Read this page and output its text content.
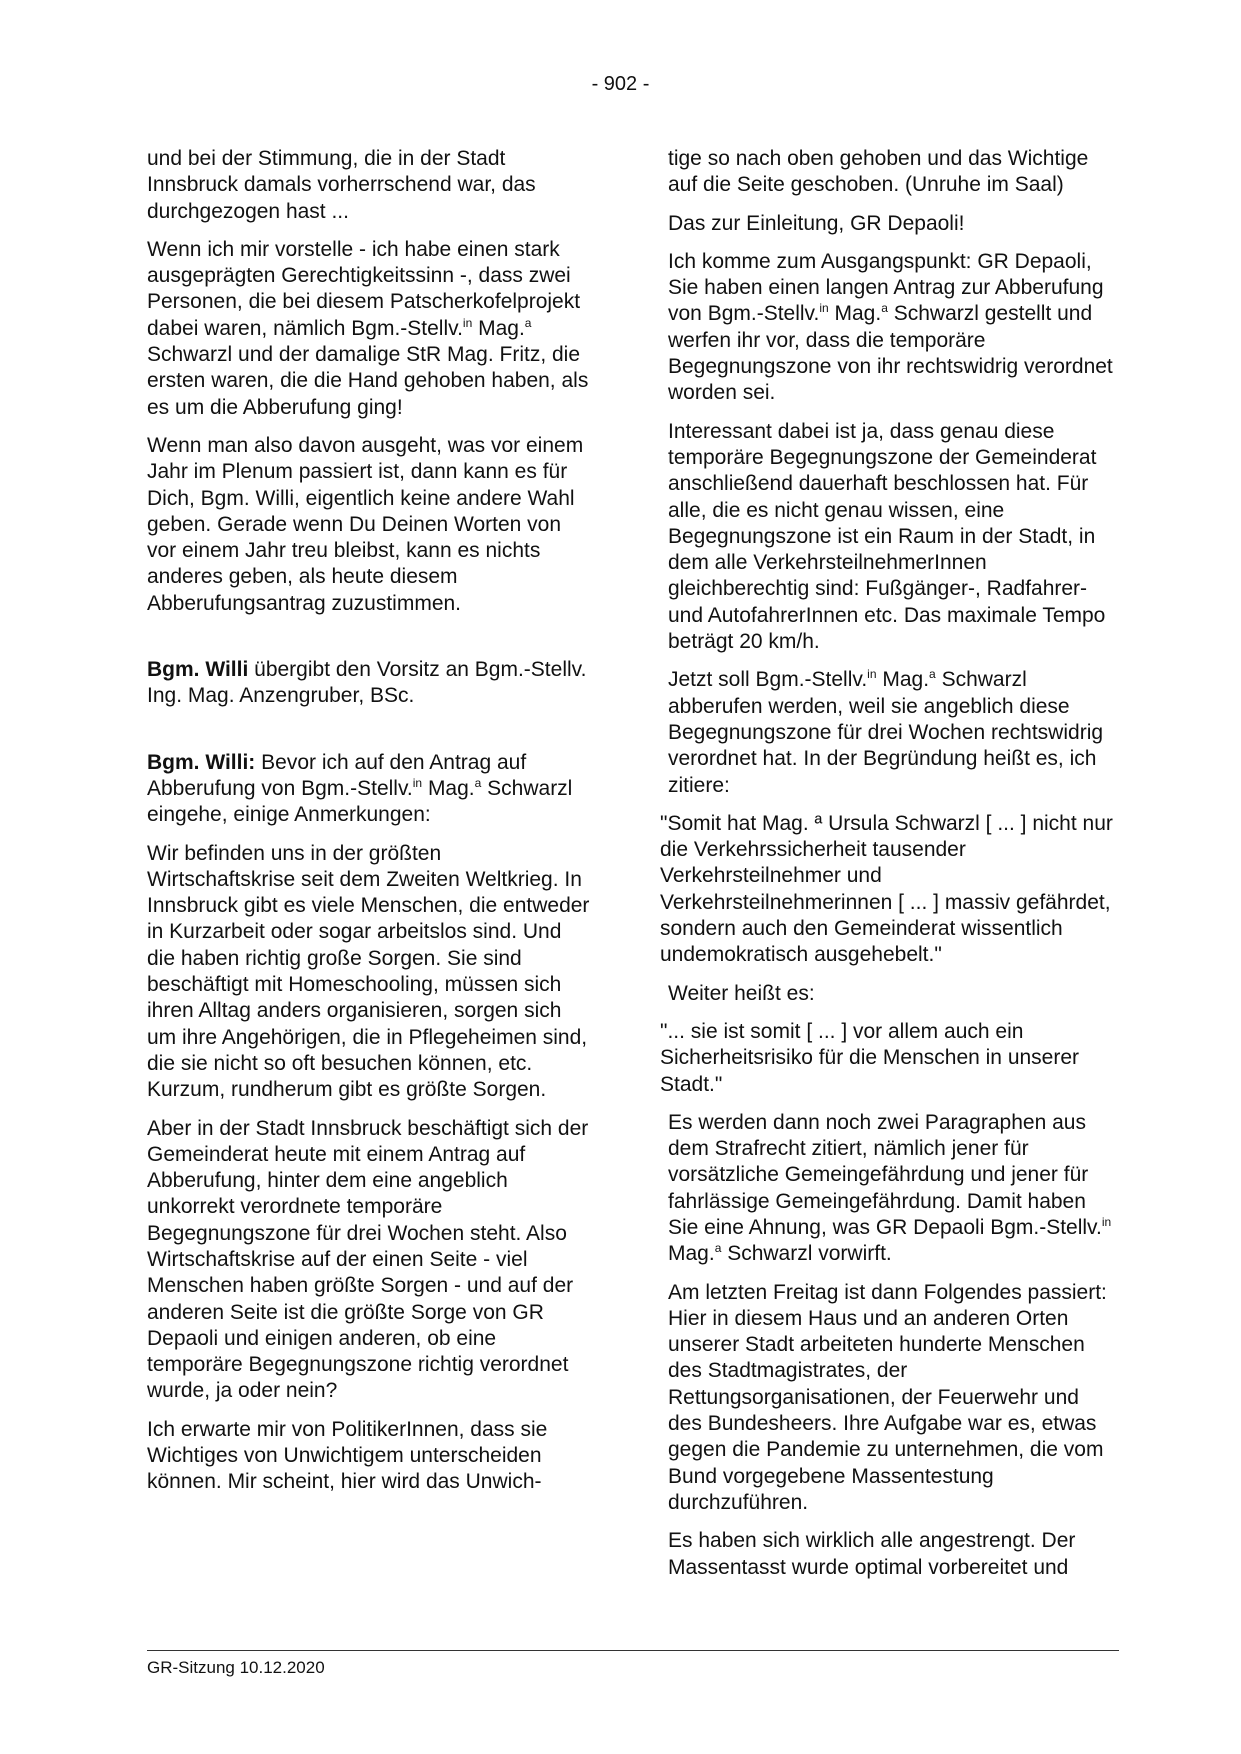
- 902 -

und bei der Stimmung, die in der Stadt Innsbruck damals vorherrschend war, das durchgezogen hast ...

Wenn ich mir vorstelle - ich habe einen stark ausgeprägten Gerechtigkeitssinn -, dass zwei Personen, die bei diesem Patscherkofelprojekt dabei waren, nämlich Bgm.-Stellv.$^{in}$ Mag.$^a$ Schwarzl und der damalige StR Mag. Fritz, die ersten waren, die die Hand gehoben haben, als es um die Abberufung ging!

Wenn man also davon ausgeht, was vor einem Jahr im Plenum passiert ist, dann kann es für Dich, Bgm. Willi, eigentlich keine andere Wahl geben. Gerade wenn Du Deinen Worten von vor einem Jahr treu bleibst, kann es nichts anderes geben, als heute diesem Abberufungsantrag zuzustimmen.

Bgm. Willi übergibt den Vorsitz an Bgm.-Stellv. Ing. Mag. Anzengruber, BSc.

Bgm. Willi: Bevor ich auf den Antrag auf Abberufung von Bgm.-Stellv.$^{in}$ Mag.$^a$ Schwarzl eingehe, einige Anmerkungen:

Wir befinden uns in der größten Wirtschaftskrise seit dem Zweiten Weltkrieg. In Innsbruck gibt es viele Menschen, die entweder in Kurzarbeit oder sogar arbeitslos sind. Und die haben richtig große Sorgen. Sie sind beschäftigt mit Homeschooling, müssen sich ihren Alltag anders organisieren, sorgen sich um ihre Angehörigen, die in Pflegeheimen sind, die sie nicht so oft besuchen können, etc. Kurzum, rundherum gibt es größte Sorgen.

Aber in der Stadt Innsbruck beschäftigt sich der Gemeinderat heute mit einem Antrag auf Abberufung, hinter dem eine angeblich unkorrekt verordnete temporäre Begegnungszone für drei Wochen steht. Also Wirtschaftskrise auf der einen Seite - viel Menschen haben größte Sorgen - und auf der anderen Seite ist die größte Sorge von GR Depaoli und einigen anderen, ob eine temporäre Begegnungszone richtig verordnet wurde, ja oder nein?

Ich erwarte mir von PolitikerInnen, dass sie Wichtiges von Unwichtigem unterscheiden können. Mir scheint, hier wird das Unwich-

tige so nach oben gehoben und das Wichtige auf die Seite geschoben. (Unruhe im Saal)

Das zur Einleitung, GR Depaoli!

Ich komme zum Ausgangspunkt: GR Depaoli, Sie haben einen langen Antrag zur Abberufung von Bgm.-Stellv.$^{in}$ Mag.$^a$ Schwarzl gestellt und werfen ihr vor, dass die temporäre Begegnungszone von ihr rechtswidrig verordnet worden sei.

Interessant dabei ist ja, dass genau diese temporäre Begegnungszone der Gemeinderat anschließend dauerhaft beschlossen hat. Für alle, die es nicht genau wissen, eine Begegnungszone ist ein Raum in der Stadt, in dem alle VerkehrsteilnehmerInnen gleichberechtig sind: Fußgänger-, Radfahrer- und AutofahrerInnen etc. Das maximale Tempo beträgt 20 km/h.

Jetzt soll Bgm.-Stellv.$^{in}$ Mag.$^a$ Schwarzl abberufen werden, weil sie angeblich diese Begegnungszone für drei Wochen rechtswidrig verordnet hat. In der Begründung heißt es, ich zitiere:

"Somit hat Mag. ª Ursula Schwarzl [ ... ] nicht nur die Verkehrssicherheit tausender Verkehrsteilnehmer und Verkehrsteilnehmerinnen [ ... ] massiv gefährdet, sondern auch den Gemeinderat wissentlich undemokratisch ausgehebelt."

Weiter heißt es:

"... sie ist somit [ ... ] vor allem auch ein Sicherheitsrisiko für die Menschen in unserer Stadt."

Es werden dann noch zwei Paragraphen aus dem Strafrecht zitiert, nämlich jener für vorsätzliche Gemeingefährdung und jener für fahrlässige Gemeingefährdung. Damit haben Sie eine Ahnung, was GR Depaoli Bgm.-Stellv.$^{in}$ Mag.$^a$ Schwarzl vorwirft.

Am letzten Freitag ist dann Folgendes passiert: Hier in diesem Haus und an anderen Orten unserer Stadt arbeiteten hunderte Menschen des Stadtmagistrates, der Rettungsorganisationen, der Feuerwehr und des Bundesheers. Ihre Aufgabe war es, etwas gegen die Pandemie zu unternehmen, die vom Bund vorgegebene Massentestung durchzuführen.

Es haben sich wirklich alle angestrengt. Der Massentasst wurde optimal vorbereitet und

GR-Sitzung 10.12.2020
